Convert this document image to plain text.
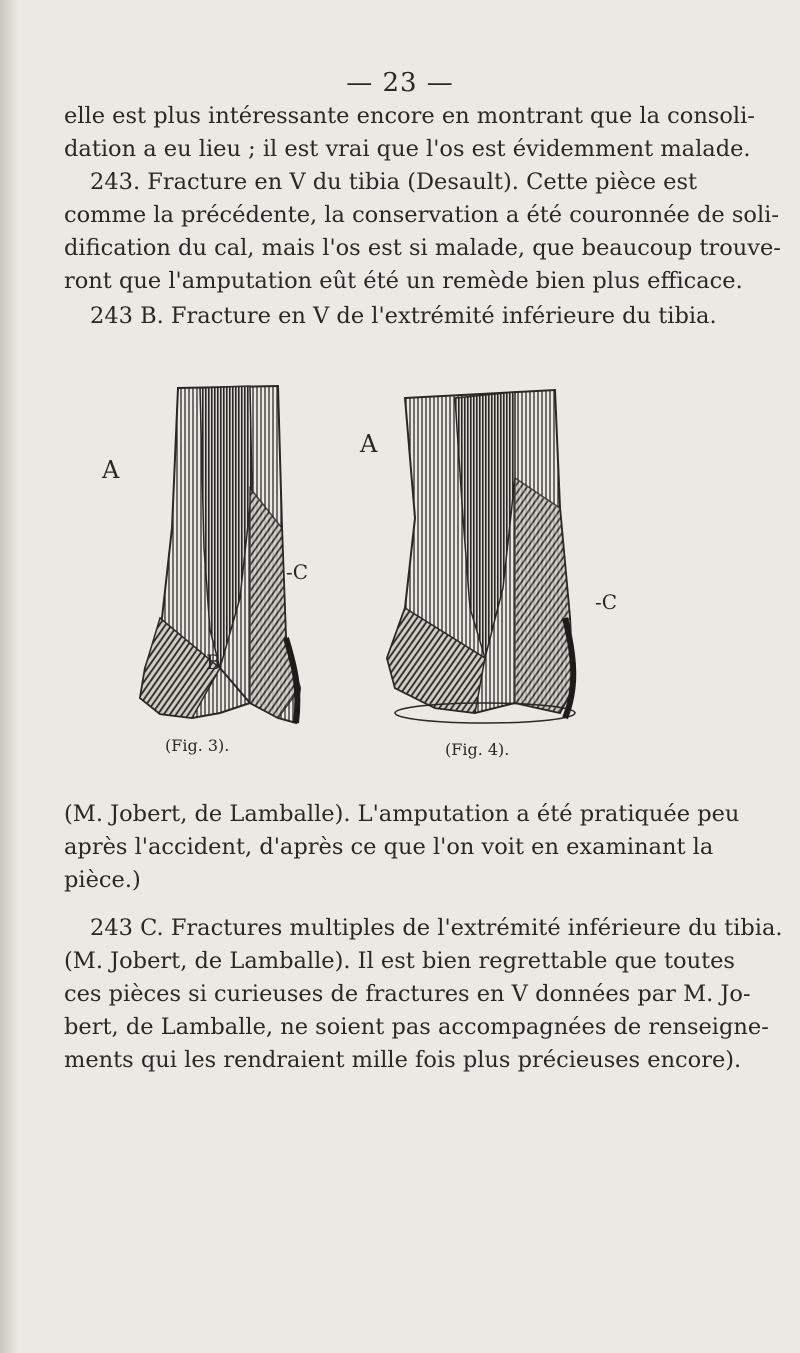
— 23 —
elle est plus intéressante encore en montrant que la consoli-
dation a eu lieu ; il est vrai que l'os est évidemment malade.
243. Fracture en V du tibia (Desault). Cette pièce est
comme la précédente, la conservation a été couronnée de soli-
dification du cal, mais l'os est si malade, que beaucoup trouve-
ront que l'amputation eût été un remède bien plus efficace.
243 B. Fracture en V de l'extrémité inférieure du tibia.
A
-C
B
(Fig. 3).
A
-C
(Fig. 4).
(M. Jobert, de Lamballe). L'amputation a été pratiquée peu
après l'accident, d'après ce que l'on voit en examinant la
pièce.)
243 C. Fractures multiples de l'extrémité inférieure du tibia.
(M. Jobert, de Lamballe). Il est bien regrettable que toutes
ces pièces si curieuses de fractures en V données par M. Jo-
bert, de Lamballe, ne soient pas accompagnées de renseigne-
ments qui les rendraient mille fois plus précieuses encore).
